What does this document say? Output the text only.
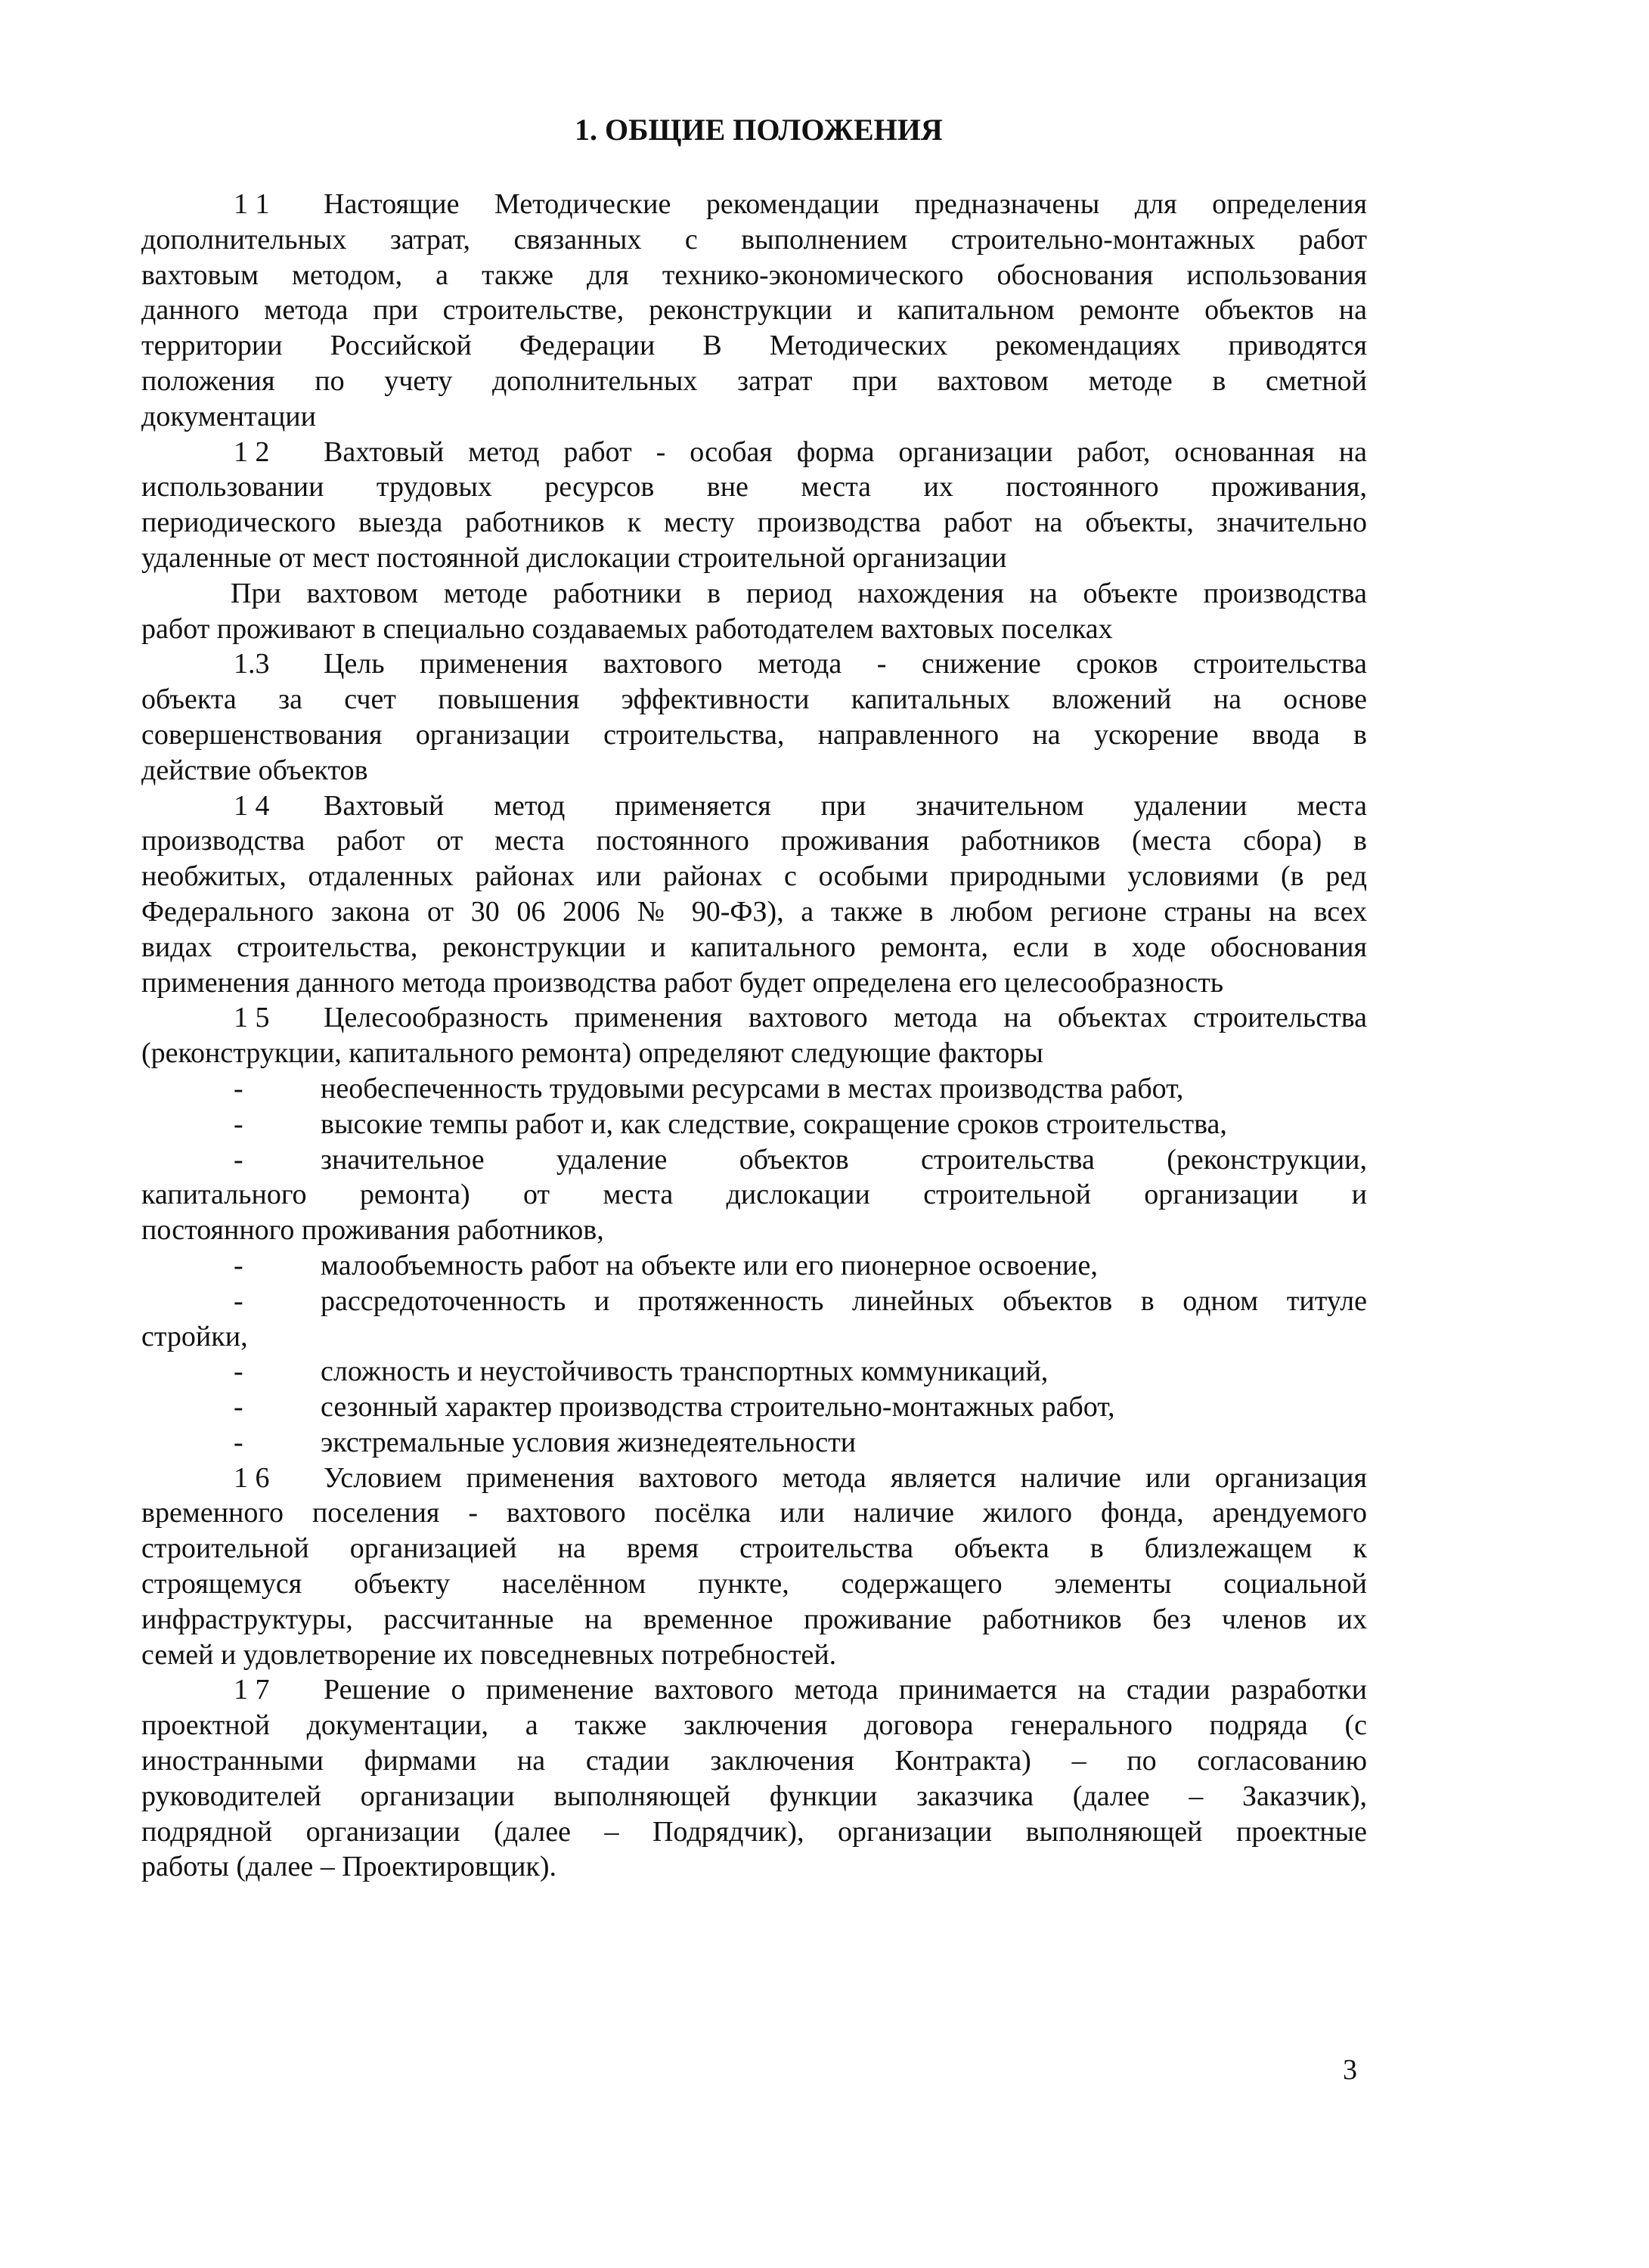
1. ОБЩИЕ ПОЛОЖЕНИЯ
1 1 Настоящие Методические рекомендации предназначены для определения
дополнительных затрат, связанных с выполнением строительно-монтажных работ
вахтовым методом, а также для технико-экономического обоснования использования
данного метода при строительстве, реконструкции и капитальном ремонте объектов на
территории Российской Федерации В Методических рекомендациях приводятся
положения по учету дополнительных затрат при вахтовом методе в сметной
документации
1 2 Вахтовый метод работ - особая форма организации работ, основанная на
использовании трудовых ресурсов вне места их постоянного проживания,
периодического выезда работников к месту производства работ на объекты, значительно
удаленные от мест постоянной дислокации строительной организации
При вахтовом методе работники в период нахождения на объекте производства
работ проживают в специально создаваемых работодателем вахтовых поселках
1.3 Цель применения вахтового метода - снижение сроков строительства
объекта за счет повышения эффективности капитальных вложений на основе
совершенствования организации строительства, направленного на ускорение ввода в
действие объектов
1 4 Вахтовый метод применяется при значительном удалении места
производства работ от места постоянного проживания работников (места сбора) в
необжитых, отдаленных районах или районах с особыми природными условиями (в ред
Федерального закона от 30 06 2006 № 90-ФЗ), а также в любом регионе страны на всех
видах строительства, реконструкции и капитального ремонта, если в ходе обоснования
применения данного метода производства работ будет определена его целесообразность
1 5 Целесообразность применения вахтового метода на объектах строительства
(реконструкции, капитального ремонта) определяют следующие факторы
-	необеспеченность трудовыми ресурсами в местах производства работ,
-	высокие темпы работ и, как следствие, сокращение сроков строительства,
-	значительное удаление объектов строительства (реконструкции,
капитального ремонта) от места дислокации строительной организации и
постоянного проживания работников,
-	малообъемность работ на объекте или его пионерное освоение,
-	рассредоточенность и протяженность линейных объектов в одном титуле
стройки,
-	сложность и неустойчивость транспортных коммуникаций,
-	сезонный характер производства строительно-монтажных работ,
-	экстремальные условия жизнедеятельности
1 6 Условием применения вахтового метода является наличие или организация
временного поселения - вахтового посёлка или наличие жилого фонда, арендуемого
строительной организацией на время строительства объекта в близлежащем к
строящемуся объекту населённом пункте, содержащего элементы социальной
инфраструктуры, рассчитанные на временное проживание работников без членов их
семей и удовлетворение их повседневных потребностей.
1 7 Решение о применение вахтового метода принимается на стадии разработки
проектной документации, а также заключения договора генерального подряда (с
иностранными фирмами на стадии заключения Контракта) – по согласованию
руководителей организации выполняющей функции заказчика (далее – Заказчик),
подрядной организации (далее – Подрядчик), организации выполняющей проектные
работы (далее – Проектировщик).
3
